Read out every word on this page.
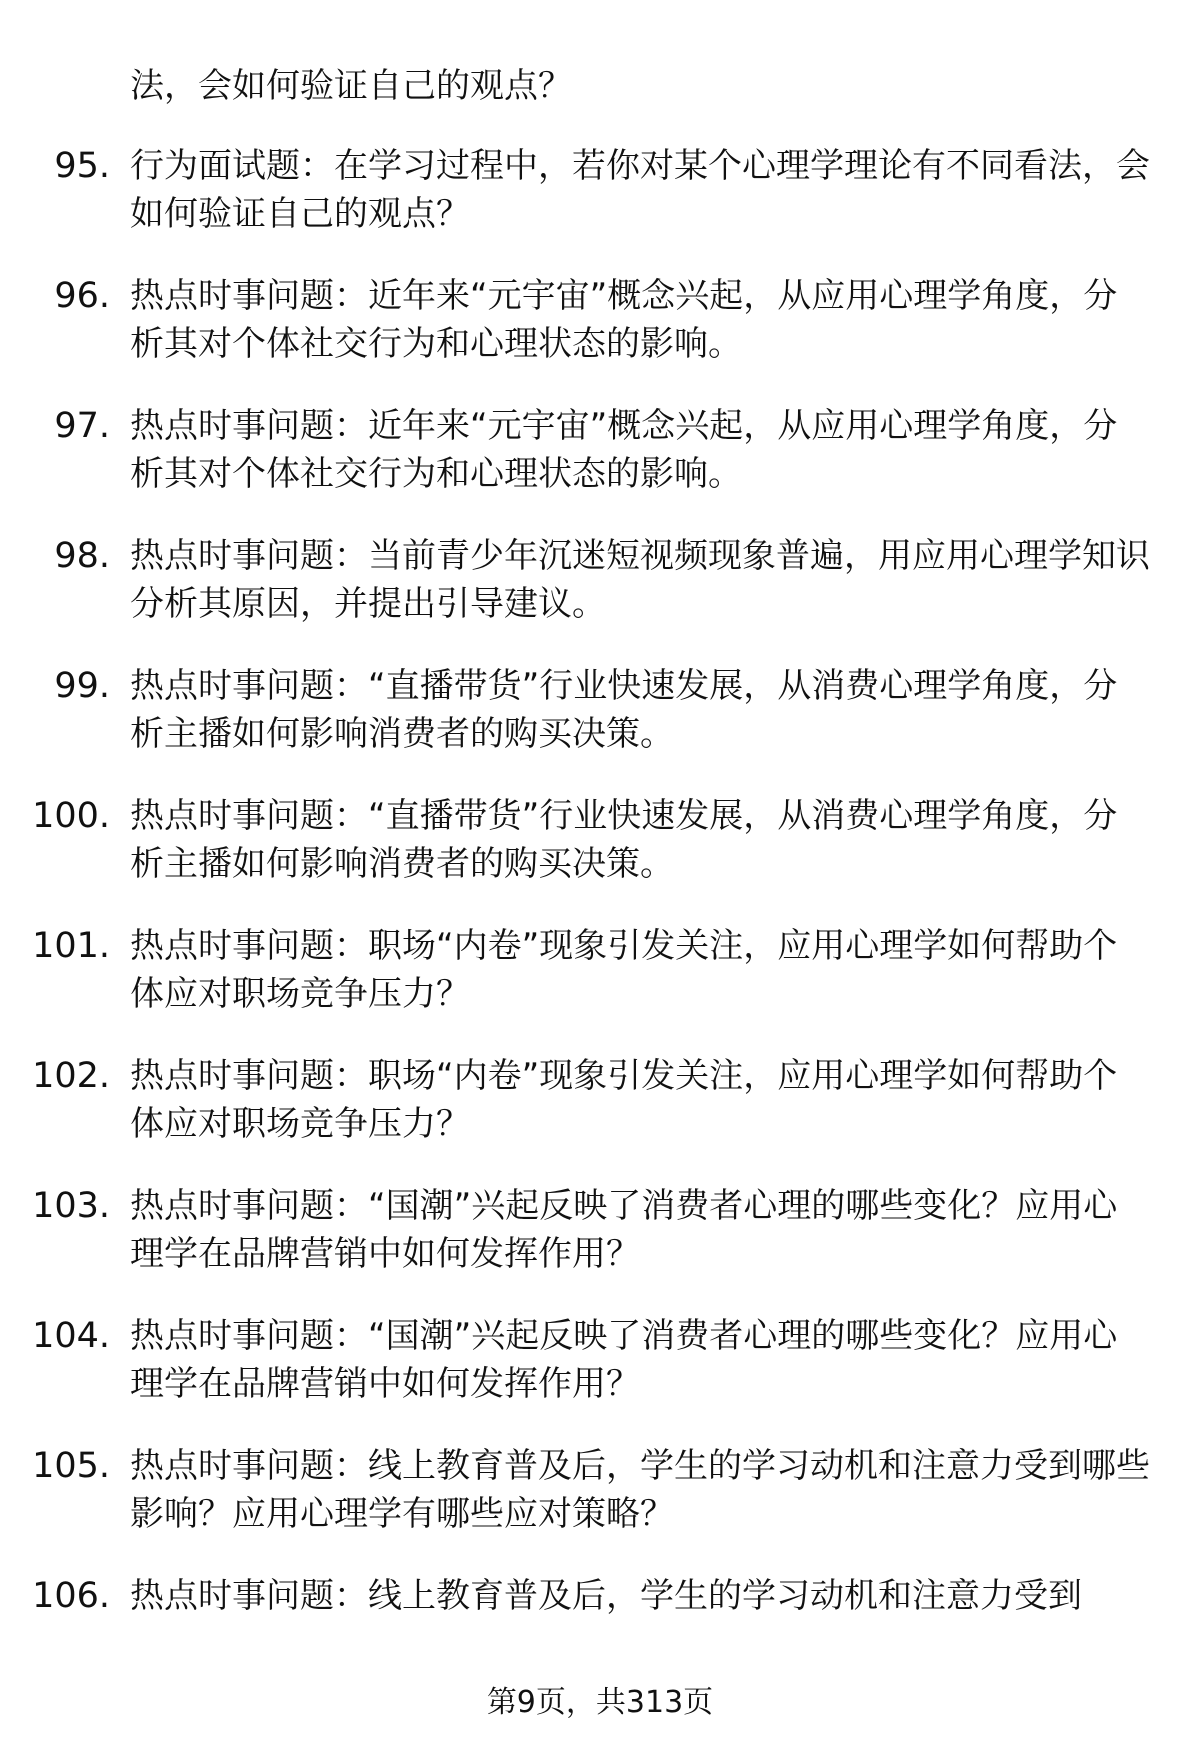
法，会如何验证自己的观点？
95. 行为面试题：在学习过程中，若你对某个心理学理论有不同看法，会如何验证自己的观点？
96. 热点时事问题：近年来“元宇宙”概念兴起，从应用心理学角度，分析其对个体社交行为和心理状态的影响。
97. 热点时事问题：近年来“元宇宙”概念兴起，从应用心理学角度，分析其对个体社交行为和心理状态的影响。
98. 热点时事问题：当前青少年沉迷短视频现象普遍，用应用心理学知识分析其原因，并提出引导建议。
99. 热点时事问题：“直播带货”行业快速发展，从消费心理学角度，分析主播如何影响消费者的购买决策。
100. 热点时事问题：“直播带货”行业快速发展，从消费心理学角度，分析主播如何影响消费者的购买决策。
101. 热点时事问题：职场“内卷”现象引发关注，应用心理学如何帮助个体应对职场竞争压力？
102. 热点时事问题：职场“内卷”现象引发关注，应用心理学如何帮助个体应对职场竞争压力？
103. 热点时事问题：“国潮”兴起反映了消费者心理的哪些变化？应用心理学在品牌营销中如何发挥作用？
104. 热点时事问题：“国潮”兴起反映了消费者心理的哪些变化？应用心理学在品牌营销中如何发挥作用？
105. 热点时事问题：线上教育普及后，学生的学习动机和注意力受到哪些影响？应用心理学有哪些应对策略？
106. 热点时事问题：线上教育普及后，学生的学习动机和注意力受到
第9页，共313页
